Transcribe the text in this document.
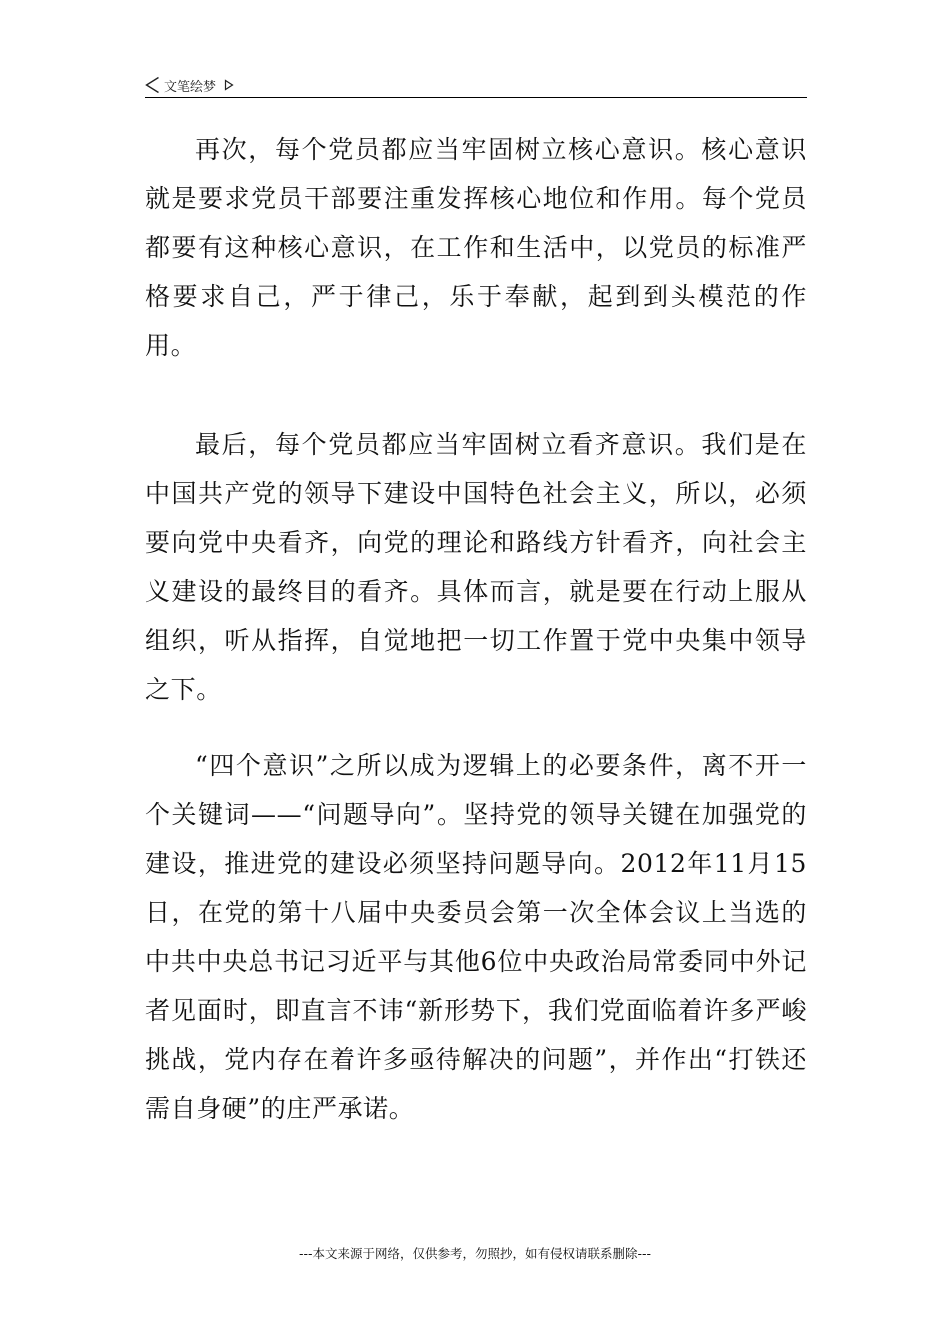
文笔绘梦

再次，每个党员都应当牢固树立核心意识。核心意识就是要求党员干部要注重发挥核心地位和作用。每个党员都要有这种核心意识，在工作和生活中，以党员的标准严格要求自己，严于律己，乐于奉献，起到到头模范的作用。

最后，每个党员都应当牢固树立看齐意识。我们是在中国共产党的领导下建设中国特色社会主义，所以，必须要向党中央看齐，向党的理论和路线方针看齐，向社会主义建设的最终目的看齐。具体而言，就是要在行动上服从组织，听从指挥，自觉地把一切工作置于党中央集中领导之下。

“四个意识”之所以成为逻辑上的必要条件，离不开一个关键词——“问题导向”。坚持党的领导关键在加强党的建设，推进党的建设必须坚持问题导向。2012年11月15日，在党的第十八届中央委员会第一次全体会议上当选的中共中央总书记习近平与其他6位中央政治局常委同中外记者见面时，即直言不讳“新形势下，我们党面临着许多严峻挑战，党内存在着许多亟待解决的问题”，并作出“打铁还需自身硬”的庄严承诺。

---本文来源于网络，仅供参考，勿照抄，如有侵权请联系删除---
